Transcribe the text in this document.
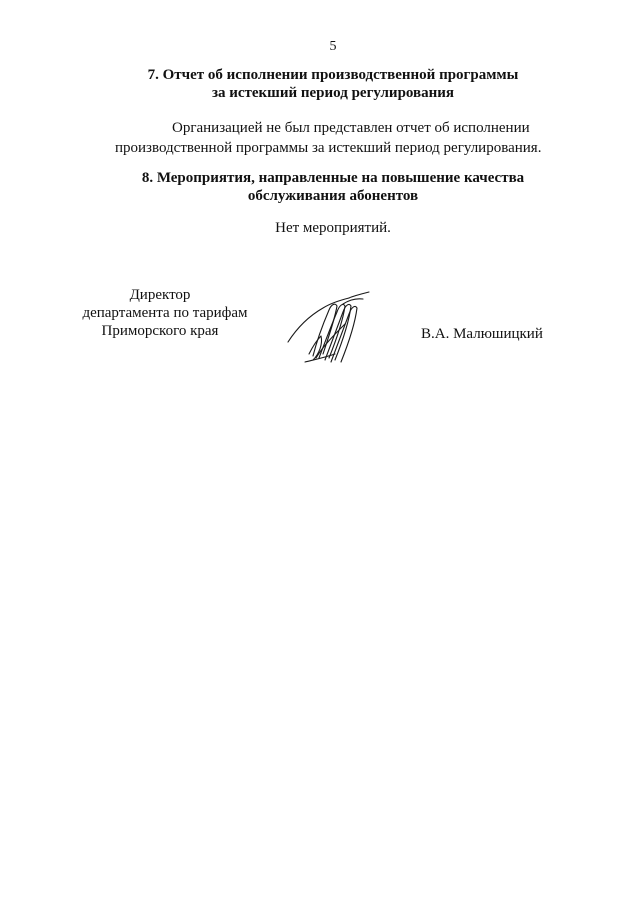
5
7. Отчет об исполнении производственной программы
за истекший период регулирования
Организацией не был представлен отчет об исполнении
производственной программы за истекший период регулирования.
8. Мероприятия, направленные на повышение качества
обслуживания абонентов
Нет мероприятий.
Директор
департамента по тарифам
Приморского края	В.А. Малюшицкий
